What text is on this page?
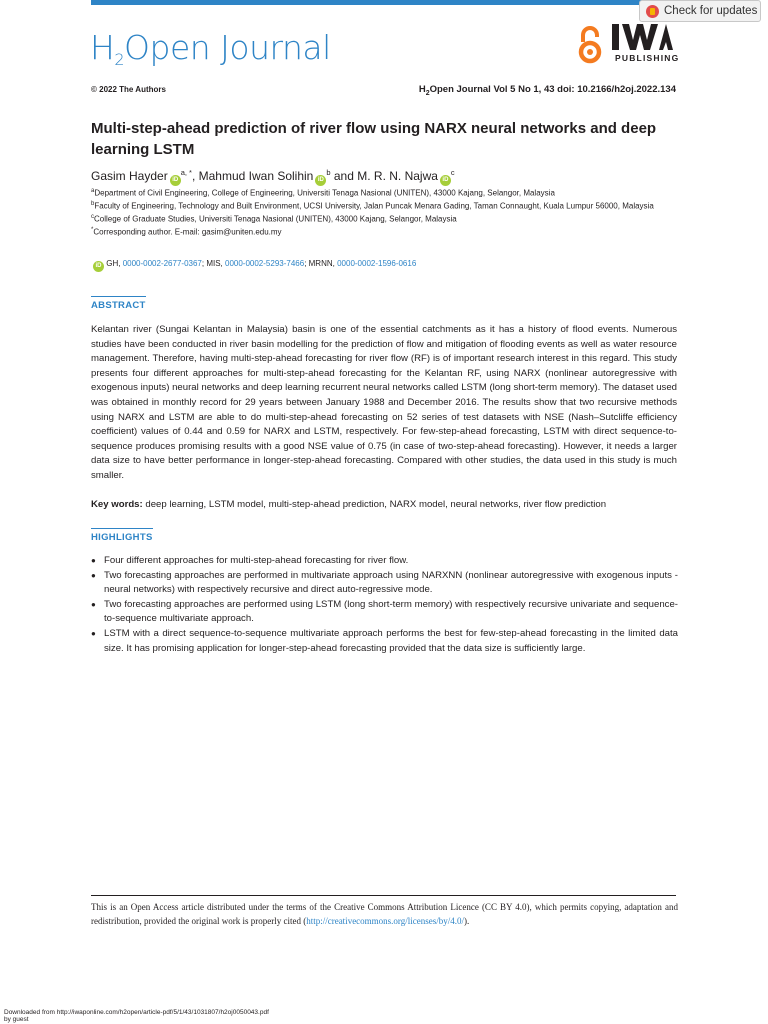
$H_2Open$ Journal
Check for updates
PUBLISHING
© 2022 The Authors	$H_2Open$ Journal Vol 5 No 1, 43 doi: 10.2166/h2oj.2022.134
Multi-step-ahead prediction of river flow using NARX neural networks and deep learning LSTM
Gasim Hayder $iD^{a, *}$, Mahmud Iwan Solihin $iD^b$ and M. R. N. Najwa $iD^c$
$^a$Department of Civil Engineering, College of Engineering, Universiti Tenaga Nasional (UNITEN), 43000 Kajang, Selangor, Malaysia
$^b$Faculty of Engineering, Technology and Built Environment, UCSI University, Jalan Puncak Menara Gading, Taman Connaught, Kuala Lumpur 56000, Malaysia
$^c$College of Graduate Studies, Universiti Tenaga Nasional (UNITEN), 43000 Kajang, Selangor, Malaysia
*Corresponding author. E-mail: gasim@uniten.edu.my
iD GH, 0000-0002-2677-0367; MIS, 0000-0002-5293-7466; MRNN, 0000-0002-1596-0616
ABSTRACT

Kelantan river (Sungai Kelantan in Malaysia) basin is one of the essential catchments as it has a history of flood events. Numerous studies have been conducted in river basin modelling for the prediction of flow and mitigation of flooding events as well as water resource management. Therefore, having multi-step-ahead forecasting for river flow (RF) is of important research interest in this regard. This study presents four different approaches for multi-step-ahead forecasting for the Kelantan RF, using NARX (nonlinear autoregressive with exogenous inputs) neural networks and deep learning recurrent neural networks called LSTM (long short-term memory). The dataset used was obtained in monthly record for 29 years between January 1988 and December 2016. The results show that two recursive methods using NARX and LSTM are able to do multi-step-ahead forecasting on 52 series of test datasets with NSE (Nash–Sutcliffe efficiency coefficient) values of 0.44 and 0.59 for NARX and LSTM, respectively. For few-step-ahead forecasting, LSTM with direct sequence-to-sequence produces promising results with a good NSE value of 0.75 (in case of two-step-ahead forecasting). However, it needs a larger data size to have better performance in longer-step-ahead forecasting. Compared with other studies, the data used in this study is much smaller.

Key words: deep learning, LSTM model, multi-step-ahead prediction, NARX model, neural networks, river flow prediction
HIGHLIGHTS
● Four different approaches for multi-step-ahead forecasting for river flow.
● Two forecasting approaches are performed in multivariate approach using NARXNN (nonlinear autoregressive with exogenous inputs - neural networks) with respectively recursive and direct auto-regressive mode.
● Two forecasting approaches are performed using LSTM (long short-term memory) with respectively recursive univariate and sequence-to-sequence multivariate approach.
● LSTM with a direct sequence-to-sequence multivariate approach performs the best for few-step-ahead forecasting in the limited data size. It has promising application for longer-step-ahead forecasting provided that the data size is sufficiently large.

This is an Open Access article distributed under the terms of the Creative Commons Attribution Licence (CC BY 4.0), which permits copying, adaptation and redistribution, provided the original work is properly cited (http://creativecommons.org/licenses/by/4.0/).

Downloaded from http://iwaponline.com/h2open/article-pdf/5/1/43/1031807/h2oj0050043.pdf
by guest
